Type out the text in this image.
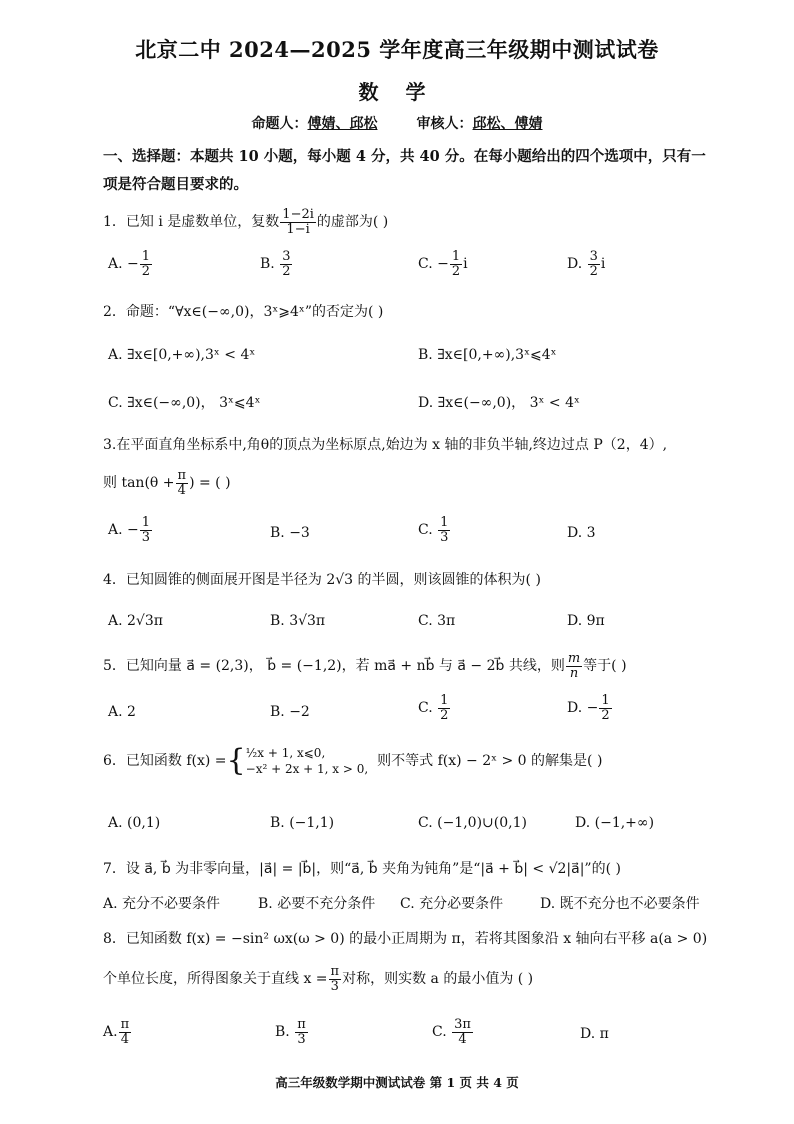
北京二中 2024—2025 学年度高三年级期中测试试卷
数 学
命题人：傅婧、邱松	审核人：邱松、傅婧
一、选择题：本题共 10 小题，每小题 4 分，共 40 分。在每小题给出的四个选项中，只有一
项是符合题目要求的。
1．已知 i 是虚数单位，复数 $\frac{1-2i}{1-i}$ 的虚部为( )
A. − $\frac{1}{2}$	B. $\frac{3}{2}$	C. − $\frac{1}{2}$ i	D. $\frac{3}{2}$ i
2．命题：“∀x∈(−∞,0)，3ˣ⩾4ˣ”的否定为( )
A. ∃x∈[0,+∞),3ˣ < 4ˣ	B. ∃x∈[0,+∞),3ˣ⩽4ˣ
C. ∃x∈(−∞,0)， 3ˣ⩽4ˣ	D. ∃x∈(−∞,0)， 3ˣ < 4ˣ
3.在平面直角坐标系中,角θ的顶点为坐标原点,始边为 x 轴的非负半轴,终边过点 P（2，4）,
则 $\tan(\theta + \frac{\pi}{4}$ ) = ( )
A. − $\frac{1}{3}$	B. −3	C. $\frac{1}{3}$	D. 3
4．已知圆锥的侧面展开图是半径为 2√3 的半圆，则该圆锥的体积为( )
A. 2√3π	B. 3√3π	C. 3π	D. 9π
5．已知向量 a⃗ = (2,3)， b⃗ = (−1,2)，若 ma⃗ + nb⃗ 与 a⃗ − 2b⃗ 共线，则 $\frac{m}{n}$ 等于( )
A. 2	B. −2	C. $\frac{1}{2}$	D. − $\frac{1}{2}$
6．已知函数 f(x) ={ ½x + 1, x⩽0,
−x² + 2x + 1, x > 0, 则不等式 f(x) − 2ˣ > 0 的解集是( )
A. (0,1)	B. (−1,1)	C. (−1,0)∪(0,1)	D. (−1,+∞)
7．设 a⃗, b⃗ 为非零向量，|a⃗| = |b⃗|，则“a⃗, b⃗ 夹角为钝角”是“|a⃗ + b⃗| < √2|a⃗|”的( )
A. 充分不必要条件	B. 必要不充分条件 C. 充分必要条件	D. 既不充分也不必要条件
8．已知函数 f(x) = −sin² ωx(ω > 0) 的最小正周期为 π，若将其图象沿 x 轴向右平移 a(a > 0)
个单位长度，所得图象关于直线 $x = \frac{\pi}{3}$ 对称，则实数 a 的最小值为 ( )
A. $\frac{\pi}{4}$	B. $\frac{\pi}{3}$	C. $\frac{3\pi}{4}$	D. π
高三年级数学期中测试试卷 第 1 页 共 4 页
